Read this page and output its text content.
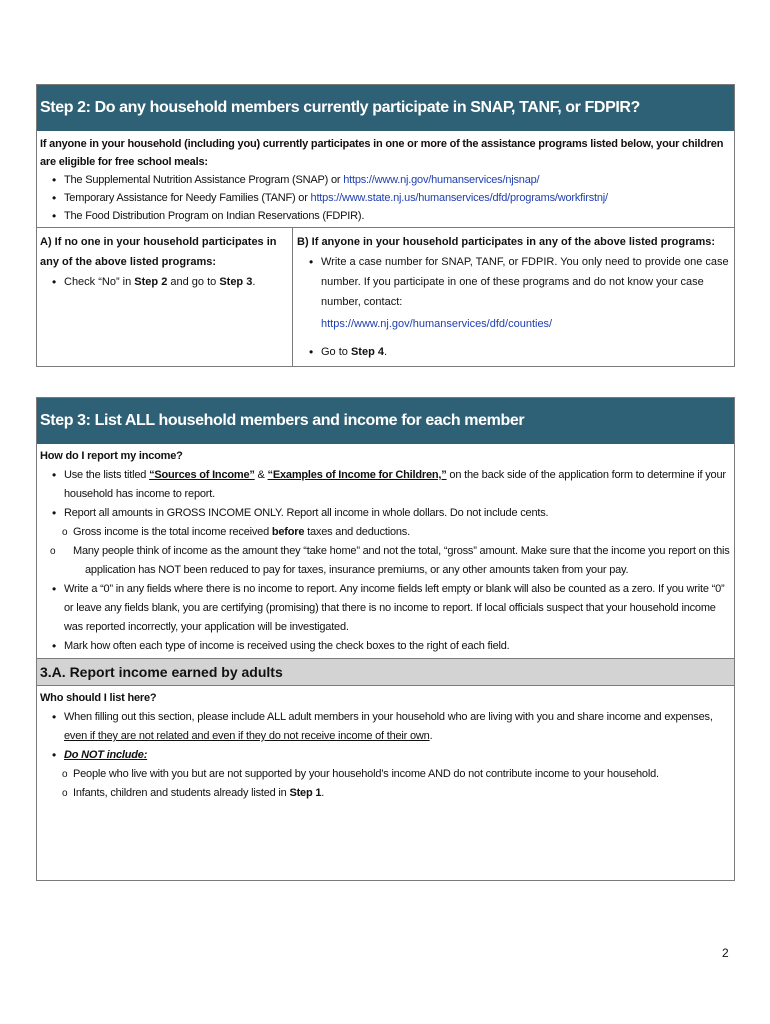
Step 2: Do any household members currently participate in SNAP, TANF, or FDPIR?
If anyone in your household (including you) currently participates in one or more of the assistance programs listed below, your children are eligible for free school meals:
• The Supplemental Nutrition Assistance Program (SNAP) or https://www.nj.gov/humanservices/njsnap/
• Temporary Assistance for Needy Families (TANF) or https://www.state.nj.us/humanservices/dfd/programs/workfirstnj/
• The Food Distribution Program on Indian Reservations (FDPIR).
A) If no one in your household participates in any of the above listed programs:
• Check “No” in Step 2 and go to Step 3.
B) If anyone in your household participates in any of the above listed programs:
• Write a case number for SNAP, TANF, or FDPIR. You only need to provide one case number. If you participate in one of these programs and do not know your case number, contact:
https://www.nj.gov/humanservices/dfd/counties/
• Go to Step 4.
Step 3: List ALL household members and income for each member
How do I report my income?
• Use the lists titled “Sources of Income” & “Examples of Income for Children,” on the back side of the application form to determine if your household has income to report.
• Report all amounts in GROSS INCOME ONLY. Report all income in whole dollars. Do not include cents.
o Gross income is the total income received before taxes and deductions.
o Many people think of income as the amount they “take home” and not the total, “gross” amount. Make sure that the income you report on this application has NOT been reduced to pay for taxes, insurance premiums, or any other amounts taken from your pay.
• Write a “0” in any fields where there is no income to report. Any income fields left empty or blank will also be counted as a zero. If you write “0” or leave any fields blank, you are certifying (promising) that there is no income to report. If local officials suspect that your household income was reported incorrectly, your application will be investigated.
• Mark how often each type of income is received using the check boxes to the right of each field.
3.A. Report income earned by adults
Who should I list here?
• When filling out this section, please include ALL adult members in your household who are living with you and share income and expenses, even if they are not related and even if they do not receive income of their own.
• Do NOT include:
o People who live with you but are not supported by your household’s income AND do not contribute income to your household.
o Infants, children and students already listed in Step 1.
2
